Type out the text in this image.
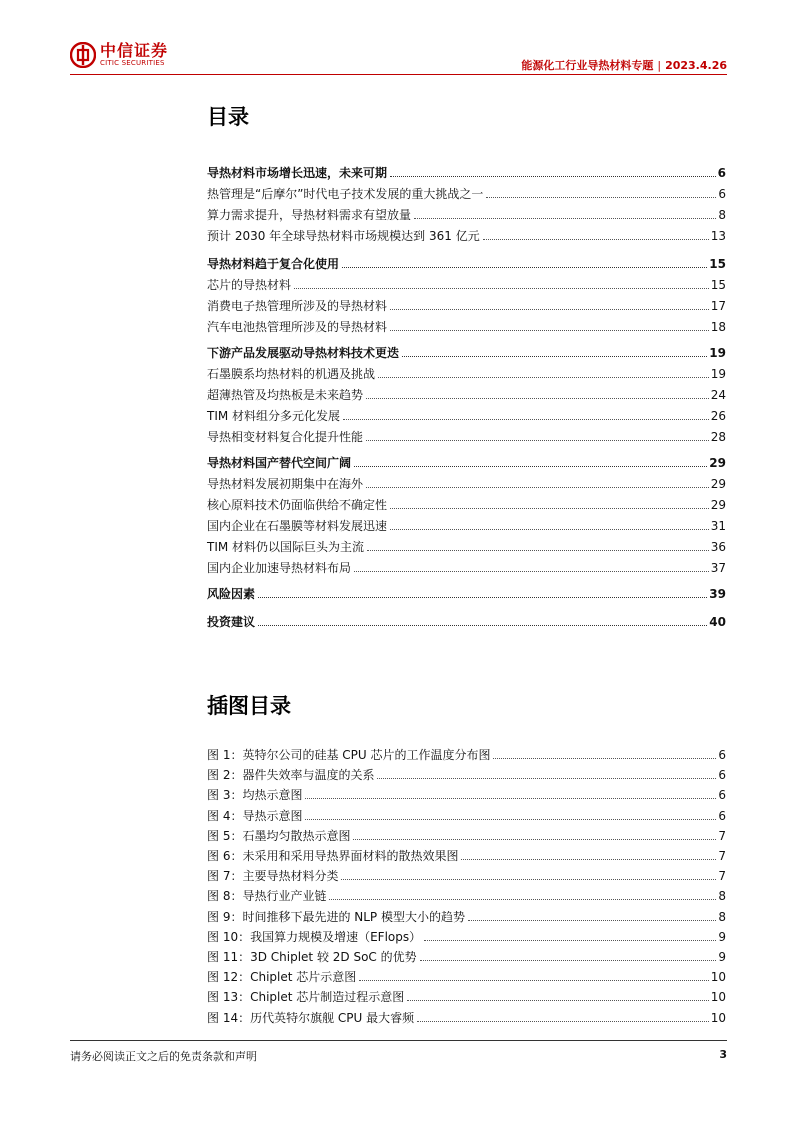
中信证券
CITIC SECURITIES	能源化工行业导热材料专题 | 2023.4.26
目录
导热材料市场增长迅速，未来可期	6
热管理是“后摩尔”时代电子技术发展的重大挑战之一	6
算力需求提升，导热材料需求有望放量	8
预计 2030 年全球导热材料市场规模达到 361 亿元	13
导热材料趋于复合化使用	15
芯片的导热材料	15
消费电子热管理所涉及的导热材料	17
汽车电池热管理所涉及的导热材料	18
下游产品发展驱动导热材料技术更迭	19
石墨膜系均热材料的机遇及挑战	19
超薄热管及均热板是未来趋势	24
TIM 材料组分多元化发展	26
导热相变材料复合化提升性能	28
导热材料国产替代空间广阔	29
导热材料发展初期集中在海外	29
核心原料技术仍面临供给不确定性	29
国内企业在石墨膜等材料发展迅速	31
TIM 材料仍以国际巨头为主流	36
国内企业加速导热材料布局	37
风险因素	39
投资建议	40
插图目录
图 1：英特尔公司的硅基 CPU 芯片的工作温度分布图	6
图 2：器件失效率与温度的关系	6
图 3：均热示意图	6
图 4：导热示意图	6
图 5：石墨均匀散热示意图	7
图 6：未采用和采用导热界面材料的散热效果图	7
图 7：主要导热材料分类	7
图 8：导热行业产业链	8
图 9：时间推移下最先进的 NLP 模型大小的趋势	8
图 10：我国算力规模及增速（EFlops）	9
图 11：3D Chiplet 较 2D SoC 的优势	9
图 12：Chiplet 芯片示意图	10
图 13：Chiplet 芯片制造过程示意图	10
图 14：历代英特尔旗舰 CPU 最大睿频	10
请务必阅读正文之后的免责条款和声明	3
